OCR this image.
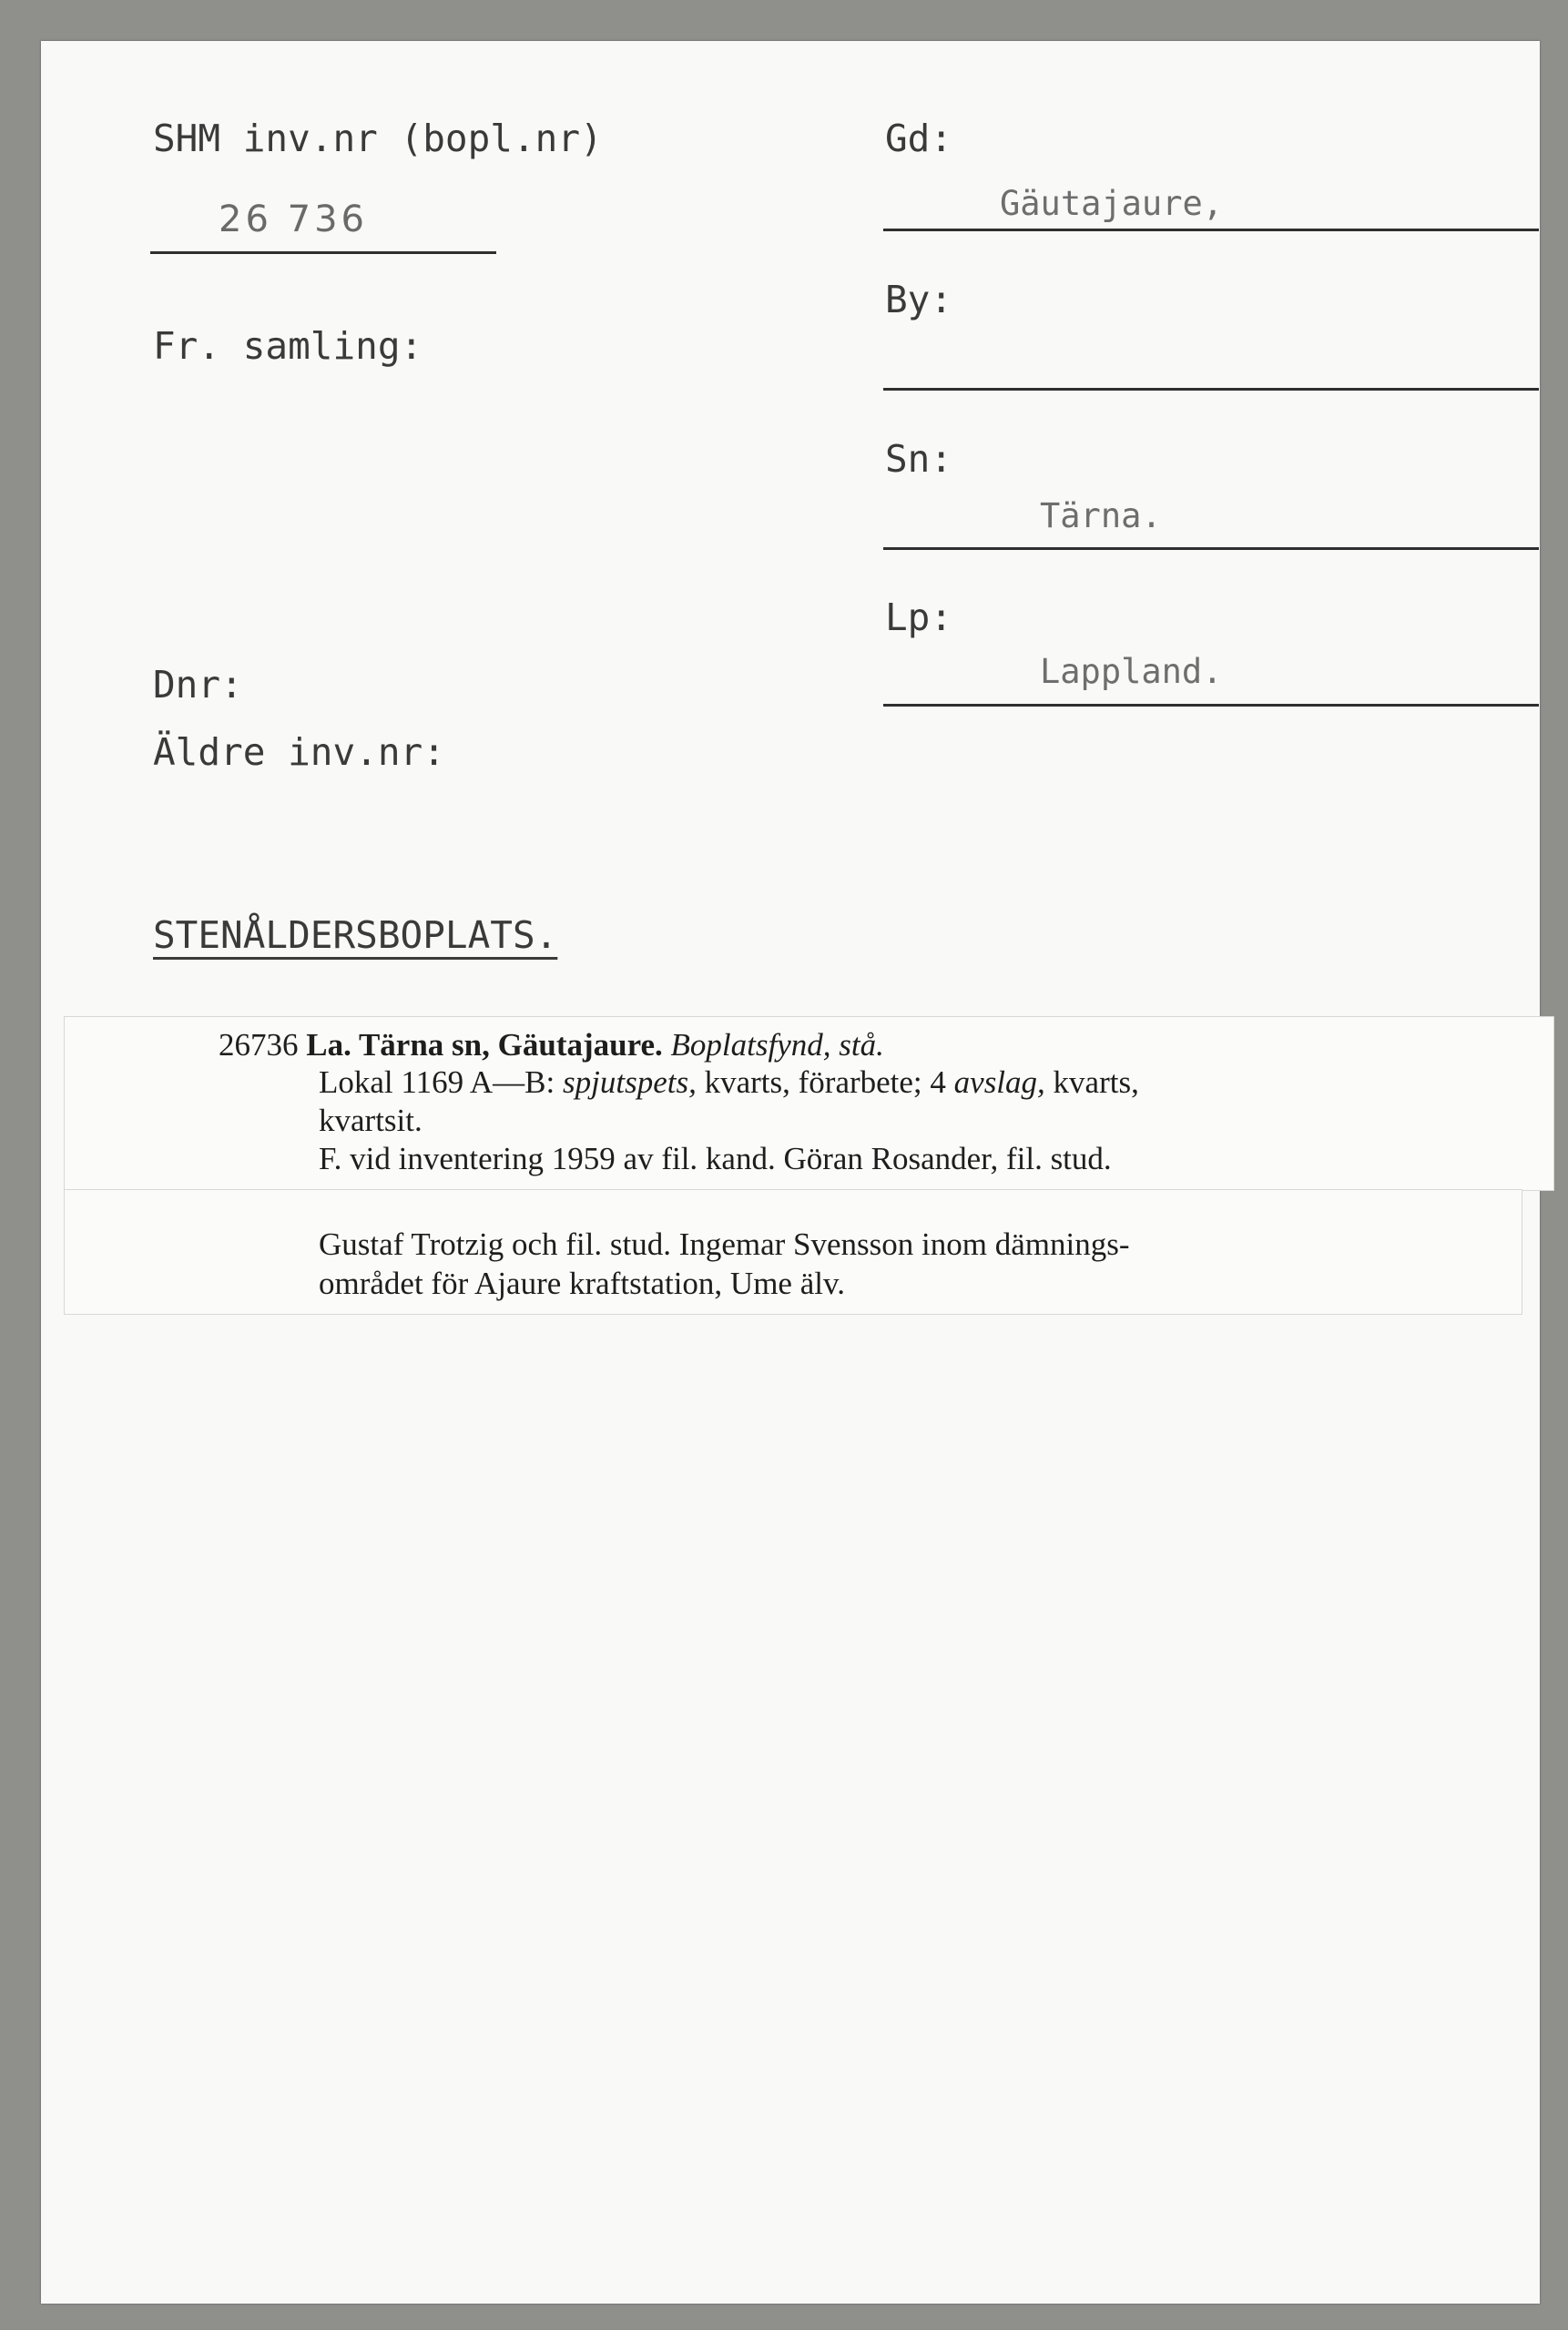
SHM inv.nr (bopl.nr)
26 736
Fr. samling:
Dnr:
Äldre inv.nr:
STENÅLDERSBOPLATS.
Gd:
Gäutajaure,
By:
Sn:
Tärna.
Lp:
Lappland.
26736 La. Tärna sn, Gäutajaure. Boplatsfynd, stå.
Lokal 1169 A—B: spjutspets, kvarts, förarbete; 4 avslag, kvarts,
kvartsit.
F. vid inventering 1959 av fil. kand. Göran Rosander, fil. stud.
Gustaf Trotzig och fil. stud. Ingemar Svensson inom dämnings-
området för Ajaure kraftstation, Ume älv.
